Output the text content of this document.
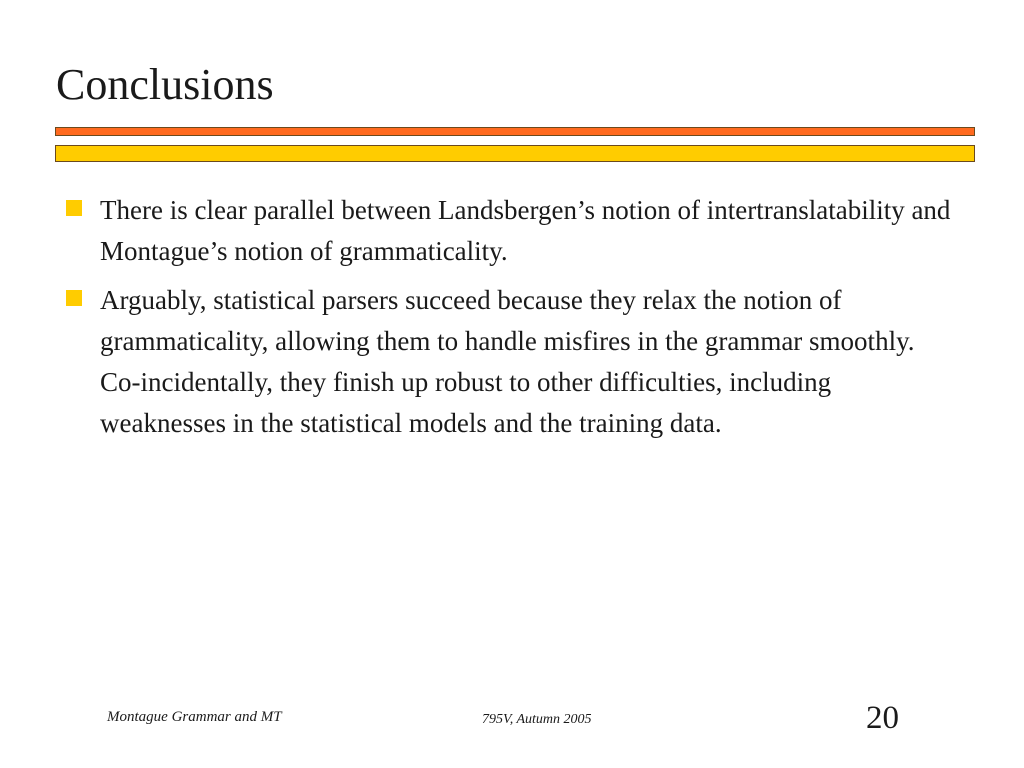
Conclusions
There is clear parallel between Landsbergen’s notion of intertranslatability and Montague’s notion of grammaticality.
Arguably, statistical parsers succeed because they relax the notion of grammaticality, allowing them to handle misfires in the grammar smoothly. Co-incidentally, they finish up robust to other difficulties, including weaknesses in the statistical models and the training data.
Montague Grammar and MT	795V, Autumn 2005	20
